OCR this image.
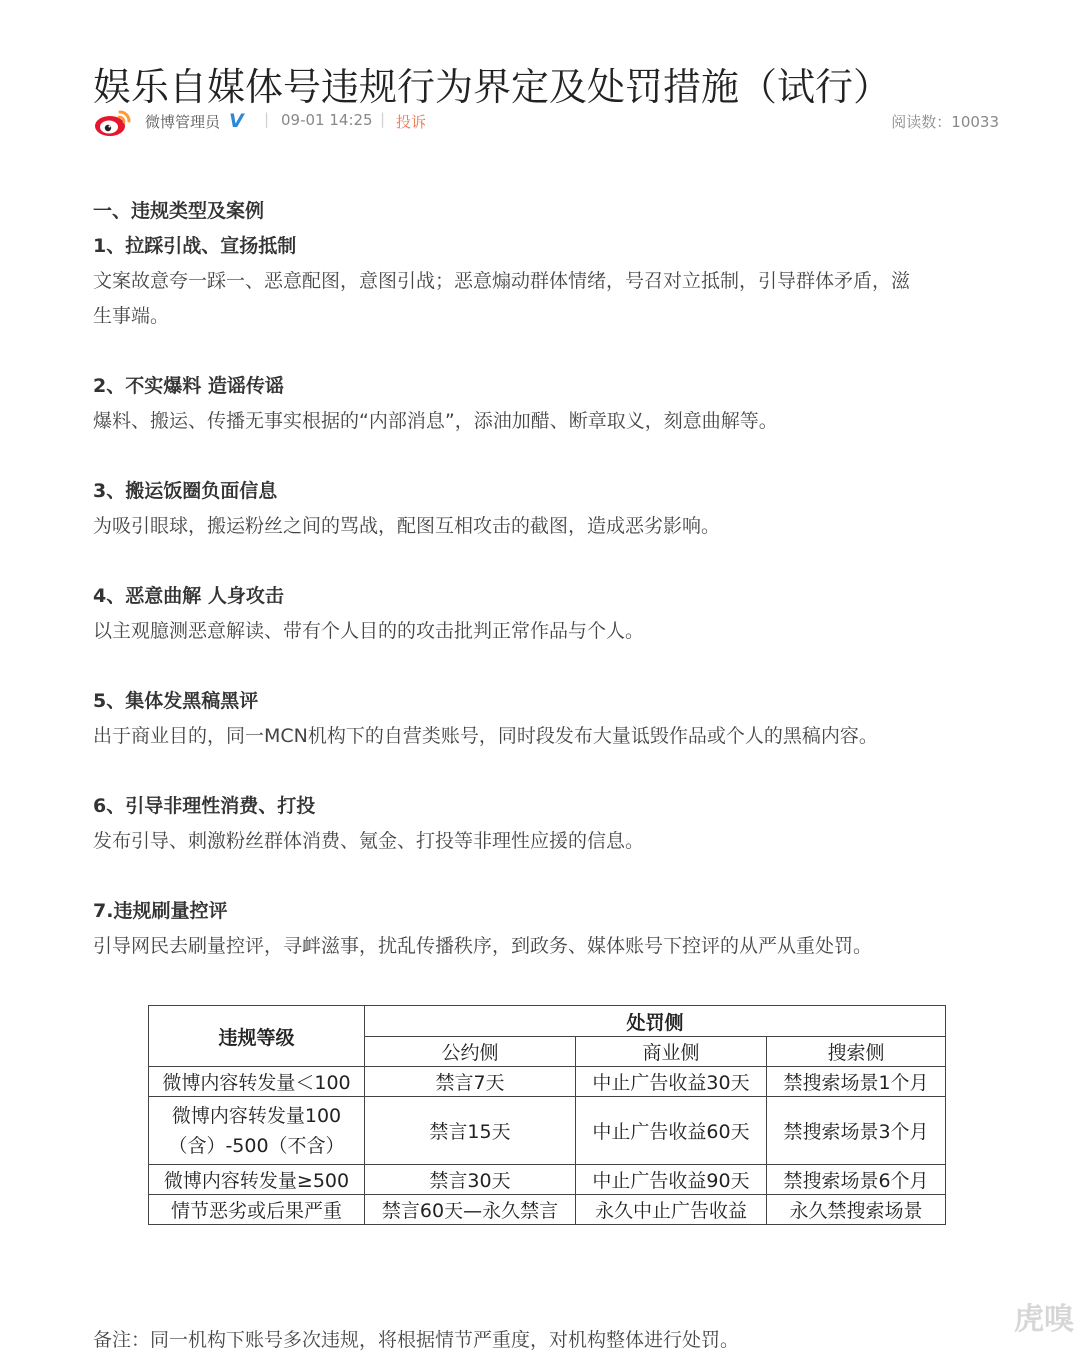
娱乐自媒体号违规行为界定及处罚措施（试行）
微博管理员 V | 09-01 14:25 | 投诉	阅读数：10033

一、违规类型及案例

1、拉踩引战、宣扬抵制

文案故意夸一踩一、恶意配图，意图引战；恶意煽动群体情绪，号召对立抵制，引导群体矛盾，滋

生事端。

2、不实爆料 造谣传谣

爆料、搬运、传播无事实根据的“内部消息”，添油加醋、断章取义，刻意曲解等。

3、搬运饭圈负面信息

为吸引眼球，搬运粉丝之间的骂战，配图互相攻击的截图，造成恶劣影响。

4、恶意曲解 人身攻击

以主观臆测恶意解读、带有个人目的的攻击批判正常作品与个人。

5、集体发黑稿黑评

出于商业目的，同一MCN机构下的自营类账号，同时段发布大量诋毁作品或个人的黑稿内容。

6、引导非理性消费、打投

发布引导、刺激粉丝群体消费、氪金、打投等非理性应援的信息。

7.违规刷量控评

引导网民去刷量控评，寻衅滋事，扰乱传播秩序，到政务、媒体账号下控评的从严从重处罚。

违规等级	处罚侧		
	公约侧	商业侧	搜索侧
微博内容转发量＜100	禁言7天	中止广告收益30天	禁搜索场景1个月

微博内容转发量100
（含）-500（不含）	禁言15天	中止广告收益60天	禁搜索场景3个月
微博内容转发量≥500	禁言30天	中止广告收益90天	禁搜索场景6个月
情节恶劣或后果严重	禁言60天—永久禁言	永久中止广告收益	永久禁搜索场景

备注：同一机构下账号多次违规，将根据情节严重度，对机构整体进行处罚。

虎嗅
